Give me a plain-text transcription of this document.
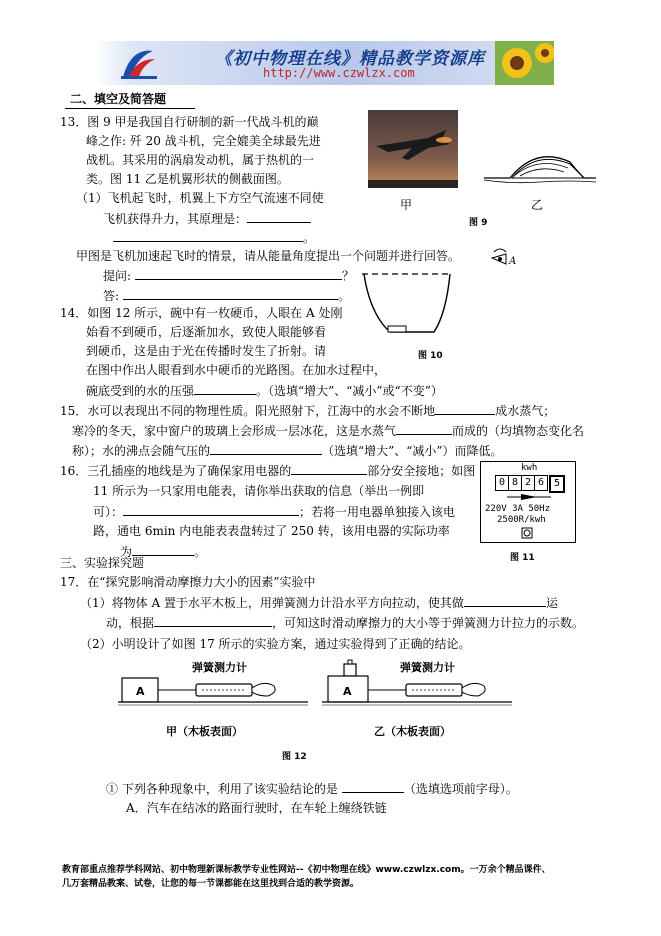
《初中物理在线》精品教学资源库
http://www.czwlzx.com
二、填空及简答题
13．图 9 甲是我国自行研制的新一代战斗机的巅
峰之作: 歼 20 战斗机，完全媲美全球最先进
战机。其采用的涡扇发动机，属于热机的一
类。图 11 乙是机翼形状的侧截面图。
（1）飞机起飞时，机翼上下方空气流速不同使
飞机获得升力，其原理是：
。
甲图是飞机加速起飞时的情景，请从能量角度提出一个问题并进行回答。
提问:	？
答:	。
甲	乙
图 9
14．如图 12 所示，碗中有一枚硬币，人眼在 A 处刚
始看不到硬币，后逐渐加水，致使人眼能够看
到硬币，这是由于光在传播时发生了折射。请
在图中作出人眼看到水中硬币的光路图。在加水过程中，
碗底受到的水的压强	。（选填“增大”、“减小”或“不变”）
A
图 10
15．水可以表现出不同的物理性质。阳光照射下，江海中的水会不断地	成水蒸气；
寒冷的冬天，家中窗户的玻璃上会形成一层冰花，这是水蒸气	而成的（均填物态变化名
称）；水的沸点会随气压的	（选填“增大”、“减小”）而降低。
16．三孔插座的地线是为了确保家用电器的	部分安全接地；如图
11 所示为一只家用电能表，请你举出获取的信息（举出一例即
可）：	；若将一用电器单独接入该电
路，通电 6min 内电能表表盘转过了 250 转，该用电器的实际功率
为	。
kwh
0 8 2 6 5
220V 3A 50Hz
2500R/kwh
图 11
三、实验探究题
17．在“探究影响滑动摩擦力大小的因素”实验中
（1）将物体 A 置于水平木板上，用弹簧测力计沿水平方向拉动，使其做	运
动，根据	，可知这时滑动摩擦力的大小等于弹簧测力计拉力的示数。
（2）小明设计了如图 17 所示的实验方案，通过实验得到了正确的结论。
A
弹簧测力计
甲（木板表面）
A
弹簧测力计
乙（木板表面）
图 12
① 下列各种现象中，利用了该实验结论的是	（选填选项前字母）。
A．汽车在结冰的路面行驶时，在车轮上缠绕铁链
教育部重点推荐学科网站、初中物理新课标教学专业性网站--《初中物理在线》www.czwlzx.com。一万余个精品课件、
几万套精品教案、试卷，让您的每一节课都能在这里找到合适的教学资源。
